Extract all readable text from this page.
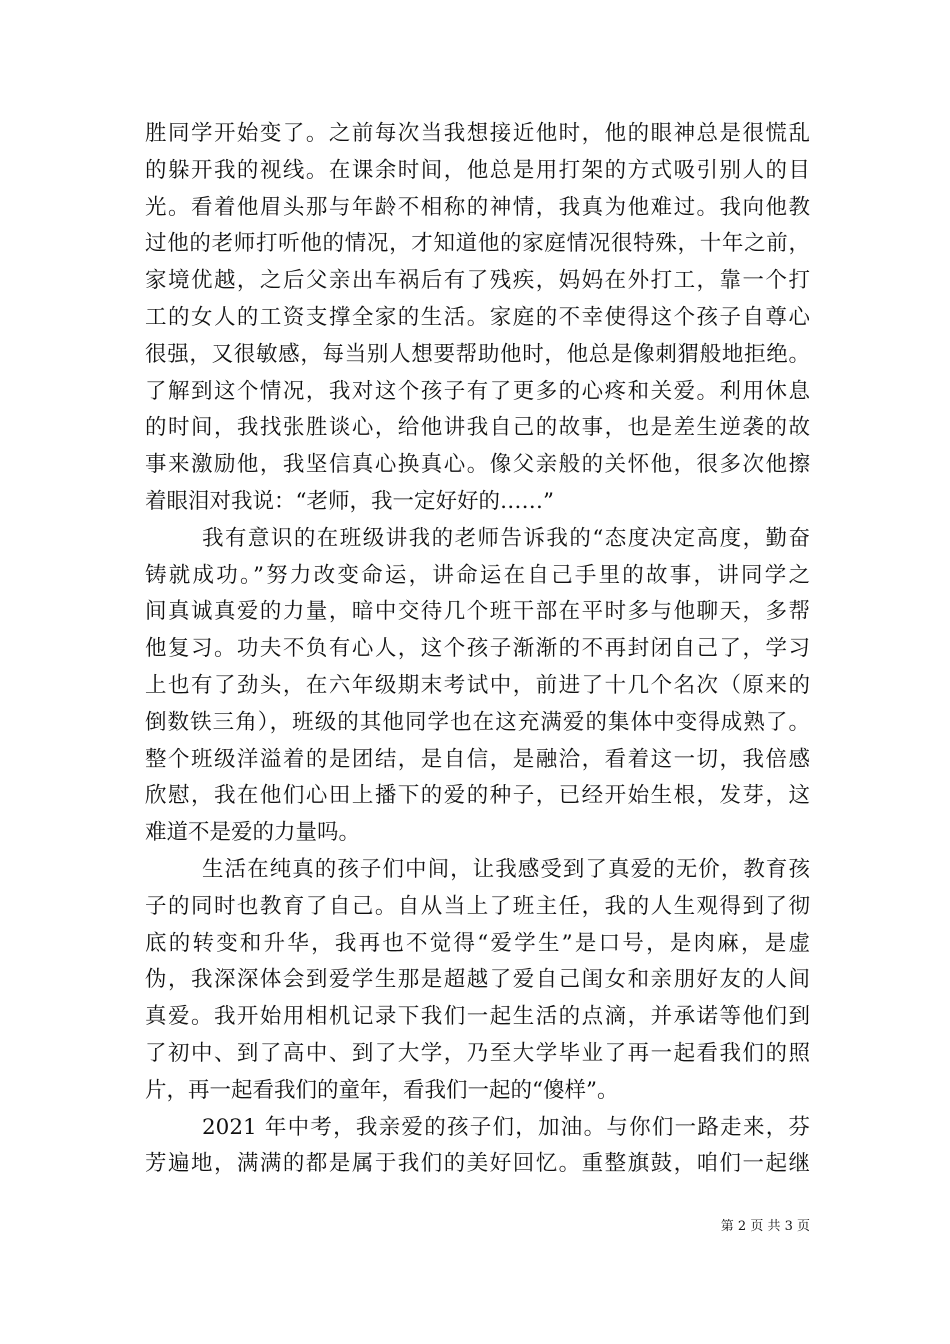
胜同学开始变了。之前每次当我想接近他时，他的眼神总是很慌乱
的躲开我的视线。在课余时间，他总是用打架的方式吸引别人的目
光。看着他眉头那与年龄不相称的神情，我真为他难过。我向他教
过他的老师打听他的情况，才知道他的家庭情况很特殊，十年之前，
家境优越，之后父亲出车祸后有了残疾，妈妈在外打工，靠一个打
工的女人的工资支撑全家的生活。家庭的不幸使得这个孩子自尊心
很强，又很敏感，每当别人想要帮助他时，他总是像刺猬般地拒绝。
了解到这个情况，我对这个孩子有了更多的心疼和关爱。利用休息
的时间，我找张胜谈心，给他讲我自己的故事，也是差生逆袭的故
事来激励他，我坚信真心换真心。像父亲般的关怀他，很多次他擦
着眼泪对我说：“老师，我一定好好的……”
我有意识的在班级讲我的老师告诉我的“态度决定高度，勤奋
铸就成功。”努力改变命运，讲命运在自己手里的故事，讲同学之
间真诚真爱的力量，暗中交待几个班干部在平时多与他聊天，多帮
他复习。功夫不负有心人，这个孩子渐渐的不再封闭自己了，学习
上也有了劲头，在六年级期末考试中，前进了十几个名次（原来的
倒数铁三角），班级的其他同学也在这充满爱的集体中变得成熟了。
整个班级洋溢着的是团结，是自信，是融洽，看着这一切，我倍感
欣慰，我在他们心田上播下的爱的种子，已经开始生根，发芽，这
难道不是爱的力量吗。
生活在纯真的孩子们中间，让我感受到了真爱的无价，教育孩
子的同时也教育了自己。自从当上了班主任，我的人生观得到了彻
底的转变和升华，我再也不觉得“爱学生”是口号，是肉麻，是虚
伪，我深深体会到爱学生那是超越了爱自己闺女和亲朋好友的人间
真爱。我开始用相机记录下我们一起生活的点滴，并承诺等他们到
了初中、到了高中、到了大学，乃至大学毕业了再一起看我们的照
片，再一起看我们的童年，看我们一起的“傻样”。
2021 年中考，我亲爱的孩子们，加油。与你们一路走来，芬
芳遍地，满满的都是属于我们的美好回忆。重整旗鼓，咱们一起继
第 2 页 共 3 页
